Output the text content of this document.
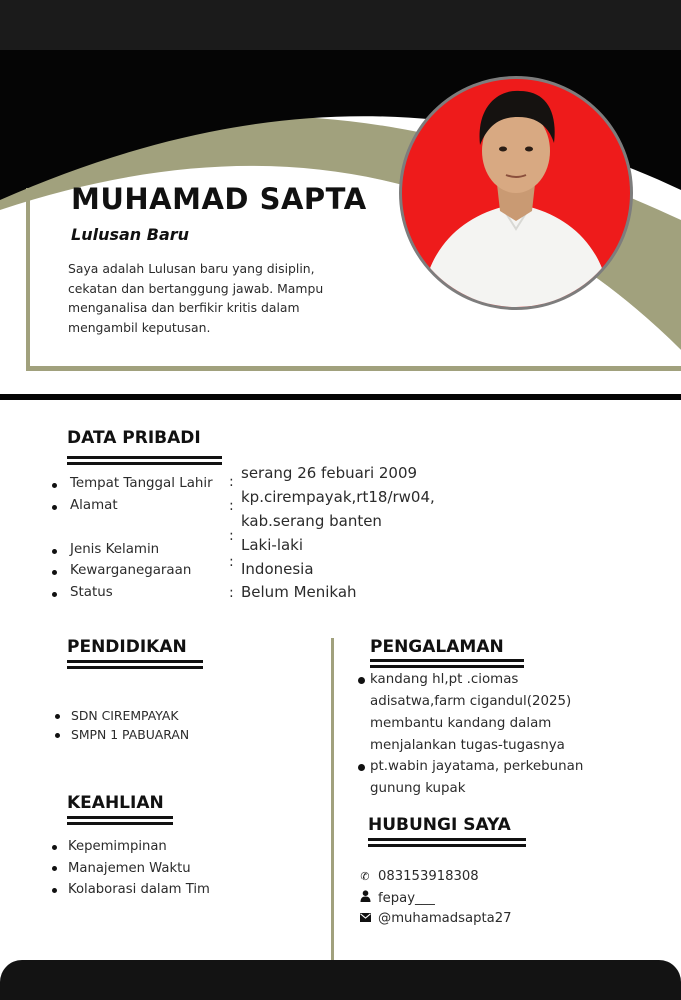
MUHAMAD SAPTA
Lulusan Baru
Saya adalah Lulusan baru yang disiplin,
cekatan dan bertanggung jawab. Mampu
menganalisa dan berfikir kritis dalam
mengambil keputusan.
DATA PRIBADI
Tempat Tanggal Lahir
Alamat
Jenis Kelamin
Kewarganegaraan
Status
:
:
:
:
:
serang 26 febuari 2009
kp.cirempayak,rt18/rw04,
kab.serang banten
Laki-laki
Indonesia
Belum Menikah
PENDIDIKAN
SDN CIREMPAYAK
SMPN 1 PABUARAN
KEAHLIAN
Kepemimpinan
Manajemen Waktu
Kolaborasi dalam Tim
PENGALAMAN
kandang hl,pt .ciomas
adisatwa,farm cigandul(2025)
membantu kandang dalam
menjalankan tugas-tugasnya
pt.wabin jayatama, perkebunan
gunung kupak
HUBUNGI SAYA
✆ 083153918308
fepay___
@muhamadsapta27
